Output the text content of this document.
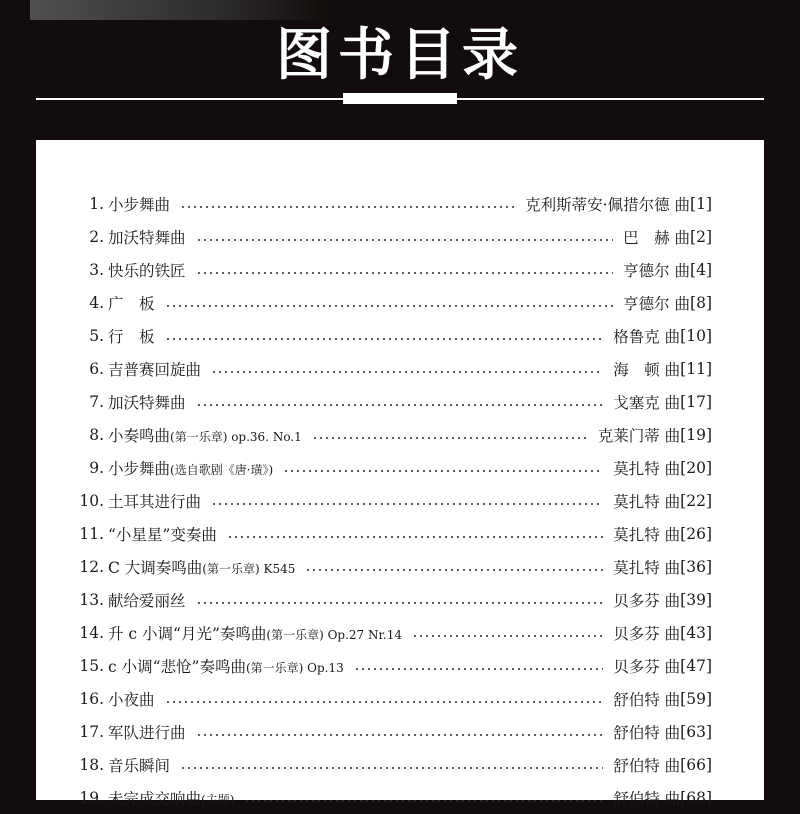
图书目录
1. 小步舞曲	克利斯蒂安·佩措尔德 曲 [1]
2. 加沃特舞曲	巴　赫 曲 [2]
3. 快乐的铁匠	亨德尔 曲 [4]
4. 广　板	亨德尔 曲 [8]
5. 行　板	格鲁克 曲 [10]
6. 吉普赛回旋曲	海　顿 曲 [11]
7. 加沃特舞曲	戈塞克 曲 [17]
8. 小奏鸣曲(第一乐章) op.36. No.1	克莱门蒂 曲 [19]
9. 小步舞曲(选自歌剧《唐·璜》)	莫扎特 曲 [20]
10. 土耳其进行曲	莫扎特 曲 [22]
11. “小星星”变奏曲	莫扎特 曲 [26]
12. C 大调奏鸣曲(第一乐章) K545	莫扎特 曲 [36]
13. 献给爱丽丝	贝多芬 曲 [39]
14. 升 c 小调“月光”奏鸣曲(第一乐章) Op.27 Nr.14	贝多芬 曲 [43]
15. c 小调“悲怆”奏鸣曲(第一乐章) Op.13	贝多芬 曲 [47]
16. 小夜曲	舒伯特 曲 [59]
17. 军队进行曲	舒伯特 曲 [63]
18. 音乐瞬间	舒伯特 曲 [66]
19. 未完成交响曲(主题)	舒伯特 曲 [68]
